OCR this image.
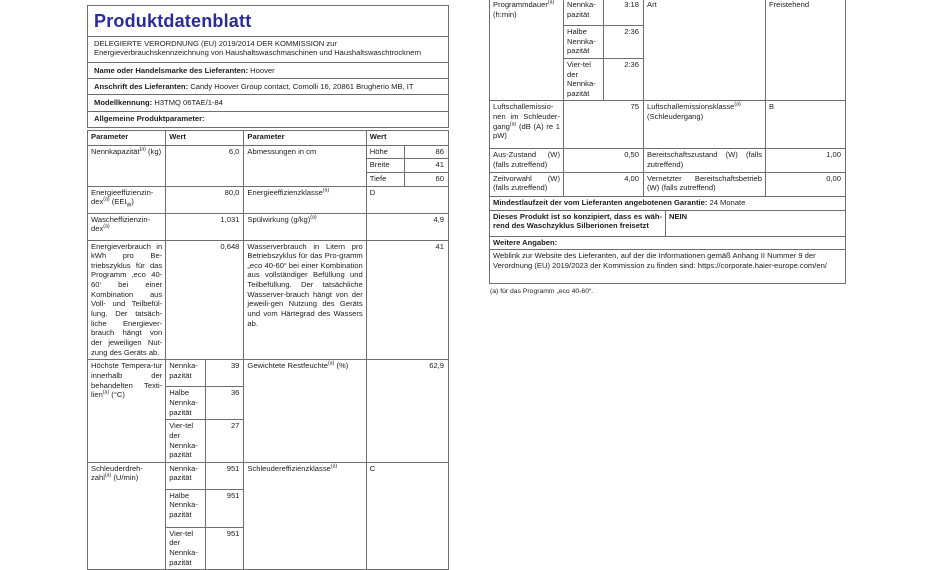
Produktdatenblatt
DELEGIERTE VERORDNUNG (EU) 2019/2014 DER KOMMISSION zur Energieverbrauchskennzeichnung von Haushaltswaschmaschinen und Haushaltswaschtrocknern
Name oder Handelsmarke des Lieferanten: Hoover
Anschrift des Lieferanten: Candy Hoover Group contact, Comolli 16, 20861 Brugherio MB, IT
Modellkennung: H3TMQ 06TAE/1-84
Allgemeine Produktparameter:
Parameter	Wert		Parameter	Wert	
Nennkapazität$^{(a)}$ (kg)	6,0		Abmessungen in cm	Höhe	86
				Breite	41
				Tiefe	60
Energieeffizienzin-dex$^{(a)}$ $(EEI_W)$	80,0		Energieeffizienzklasse$^{(a)}$	D	
Wascheffizienzin-dex$^{(a)}$	1,031		Spülwirkung $(g/kg)^{(a)}$	4,9	
Energieverbrauch in kWh pro Be-triebszyklus für das Programm ‚eco 40-60‘ bei einer Kombination aus Voll- und Teilbefül-lung. Der tatsäch-liche Energiever-brauch hängt von der jeweiligen Nut-zung des Geräts ab.	0,648	Wasserverbrauch in Litern pro Betriebszyklus für das Pro-gramm „eco 40-60“ bei einer Kombination aus vollständiger Befüllung und Teilbefüllung. Der tatsächliche Wasserver-brauch hängt von der jeweili-gen Nutzung des Geräts und vom Härtegrad des Wassers ab.	41
Höchste Tempera-tur innerhalb der behandelten Texti-lien$^{(a)}$ (°C)	Nennka-pazität	39	Gewichtete Restfeuchte$^{(a)}$ (%)	62,9	
	Halbe Nennka-pazität	36			
	Vier-tel der Nennka-pazität	27			
Schleuderdreh-zahl$^{(a)}$ (U/min)	Nennka-pazität	951	Schleudereffizienzklasse$^{(a)}$	C	
	Halbe Nennka-pazität	951			
	Vier-tel der Nennka-pazität	951			
Programmdauer$^{(a)}$ (h:min)	Nennka-pazität	3:18	Art	Freistehend
	Halbe Nennka-pazität	2:36		
	Vier-tel der Nennka-pazität	2:36		
Luftschallemissio-nen im Schleuder-gang$^{(a)}$ (dB (A) re 1 pW)	75		Luftschallemissionsklasse$^{(a)}$ (Schleudergang)	B
Aus-Zustand (W) (falls zutreffend)	0,50		Bereitschaftszustand (W) (falls zutreffend)	1,00
Zeitvorwahl (W) (falls zutreffend)	4,00		Vernetzter Bereitschaftsbetrieb (W) (falls zutreffend)	0,00
Mindestlaufzeit der vom Lieferanten angebotenen Garantie: 24 Monate
Dieses Produkt ist so konzipiert, dass es wäh-rend des Waschzyklus Silberionen freisetzt	NEIN
Weitere Angaben:
Weblink zur Website des Lieferanten, auf der die Informationen gemäß Anhang II Nummer 9 der Verordnung (EU) 2019/2023 der Kommission zu finden sind: https://corporate.haier-europe.com/en/
(a) für das Programm „eco 40-60“.
